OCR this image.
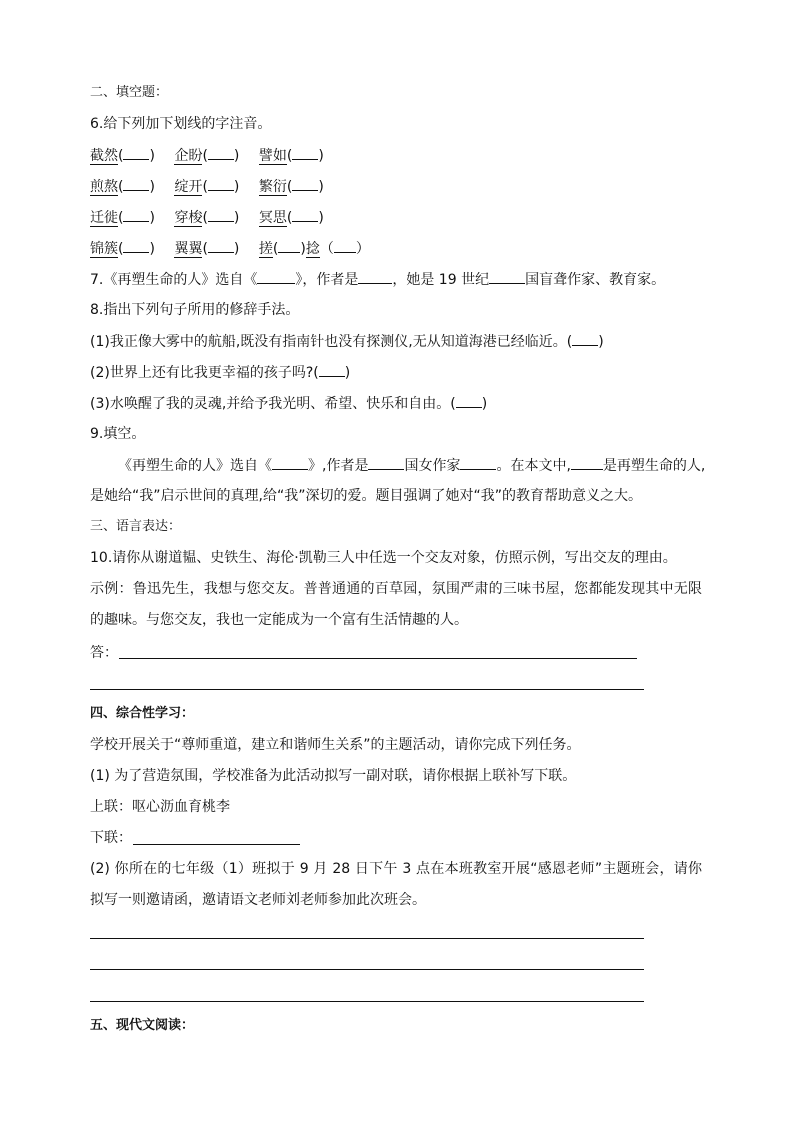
二、填空题：
6.给下列加下划线的字注音。
截然( ) 企盼( ) 譬如( )
煎熬( ) 绽开( ) 繁衍( )
迁徙( ) 穿梭( ) 冥思( )
锦簇( ) 翼翼( ) 搓( )捻（ ）
7.《再塑生命的人》选自《	》，作者是 ，她是 19 世纪	国盲聋作家、教育家。
8.指出下列句子所用的修辞手法。
(1)我正像大雾中的航船,既没有指南针也没有探测仪,无从知道海港已经临近。( )
(2)世界上还有比我更幸福的孩子吗?( )
(3)水唤醒了我的灵魂,并给予我光明、希望、快乐和自由。( )
9.填空。
《再塑生命的人》选自《	》,作者是	国女作家	。在本文中, 是再塑生命的人,
是她给“我”启示世间的真理,给“我”深切的爱。题目强调了她对“我”的教育帮助意义之大。
三、语言表达：
10.请你从谢道韫、史铁生、海伦·凯勒三人中任选一个交友对象，仿照示例，写出交友的理由。
示例：鲁迅先生，我想与您交友。普普通通的百草园，氛围严肃的三味书屋，您都能发现其中无限的趣味。与您交友，我也一定能成为一个富有生活情趣的人。
答：
四、综合性学习：
学校开展关于“尊师重道，建立和谐师生关系”的主题活动，请你完成下列任务。
(1) 为了营造氛围，学校准备为此活动拟写一副对联，请你根据上联补写下联。
上联：呕心沥血育桃李
下联：
(2) 你所在的七年级（1）班拟于 9 月 28 日下午 3 点在本班教室开展“感恩老师”主题班会，请你拟写一则邀请函，邀请语文老师刘老师参加此次班会。
五、现代文阅读：
